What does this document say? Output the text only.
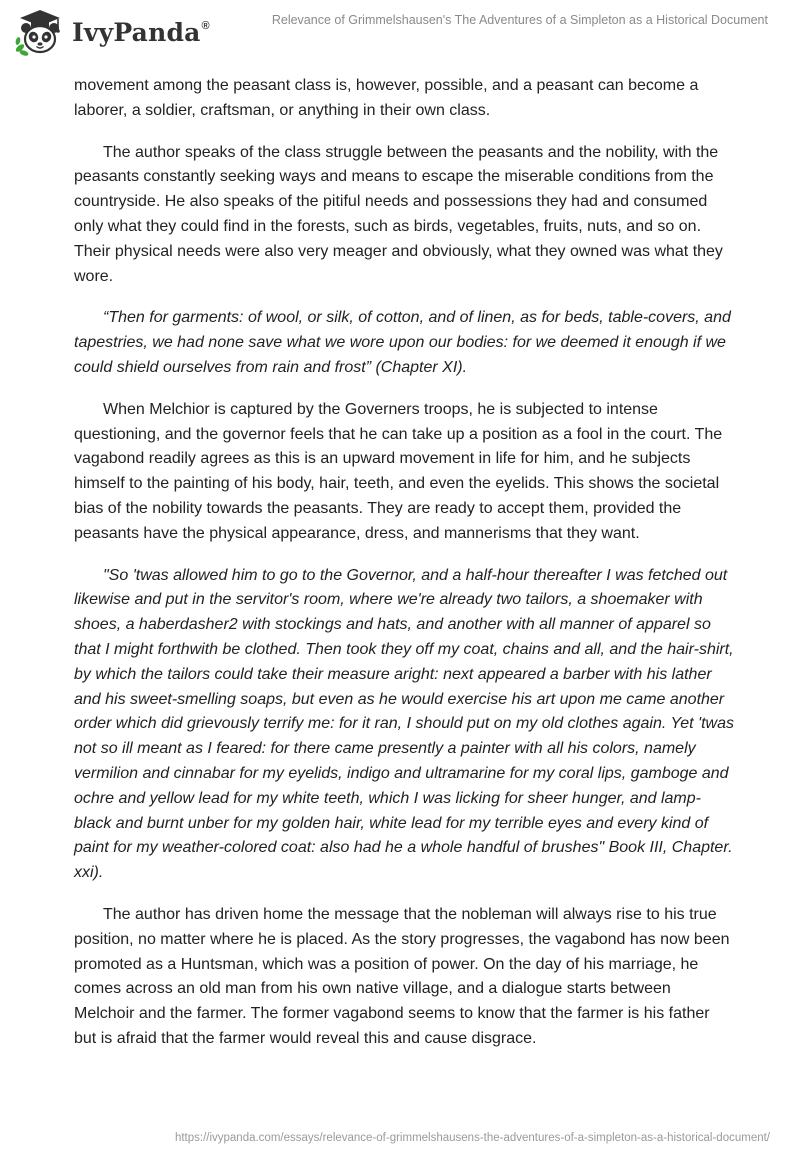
IvyPanda®	Relevance of Grimmelshausen's The Adventures of a Simpleton as a Historical Document

movement among the peasant class is, however, possible, and a peasant can become a laborer, a soldier, craftsman, or anything in their own class.

The author speaks of the class struggle between the peasants and the nobility, with the peasants constantly seeking ways and means to escape the miserable conditions from the countryside. He also speaks of the pitiful needs and possessions they had and consumed only what they could find in the forests, such as birds, vegetables, fruits, nuts, and so on. Their physical needs were also very meager and obviously, what they owned was what they wore.

“Then for garments: of wool, or silk, of cotton, and of linen, as for beds, table-covers, and tapestries, we had none save what we wore upon our bodies: for we deemed it enough if we could shield ourselves from rain and frost” (Chapter XI).

When Melchior is captured by the Governers troops, he is subjected to intense questioning, and the governor feels that he can take up a position as a fool in the court. The vagabond readily agrees as this is an upward movement in life for him, and he subjects himself to the painting of his body, hair, teeth, and even the eyelids. This shows the societal bias of the nobility towards the peasants. They are ready to accept them, provided the peasants have the physical appearance, dress, and mannerisms that they want.

"So 'twas allowed him to go to the Governor, and a half-hour thereafter I was fetched out likewise and put in the servitor's room, where we're already two tailors, a shoemaker with shoes, a haberdasher2 with stockings and hats, and another with all manner of apparel so that I might forthwith be clothed. Then took they off my coat, chains and all, and the hair-shirt, by which the tailors could take their measure aright: next appeared a barber with his lather and his sweet-smelling soaps, but even as he would exercise his art upon me came another order which did grievously terrify me: for it ran, I should put on my old clothes again. Yet 'twas not so ill meant as I feared: for there came presently a painter with all his colors, namely vermilion and cinnabar for my eyelids, indigo and ultramarine for my coral lips, gamboge and ochre and yellow lead for my white teeth, which I was licking for sheer hunger, and lamp-black and burnt unber for my golden hair, white lead for my terrible eyes and every kind of paint for my weather-colored coat: also had he a whole handful of brushes" Book III, Chapter. xxi).

The author has driven home the message that the nobleman will always rise to his true position, no matter where he is placed. As the story progresses, the vagabond has now been promoted as a Huntsman, which was a position of power. On the day of his marriage, he comes across an old man from his own native village, and a dialogue starts between Melchoir and the farmer. The former vagabond seems to know that the farmer is his father but is afraid that the farmer would reveal this and cause disgrace.

https://ivypanda.com/essays/relevance-of-grimmelshausens-the-adventures-of-a-simpleton-as-a-historical-document/
